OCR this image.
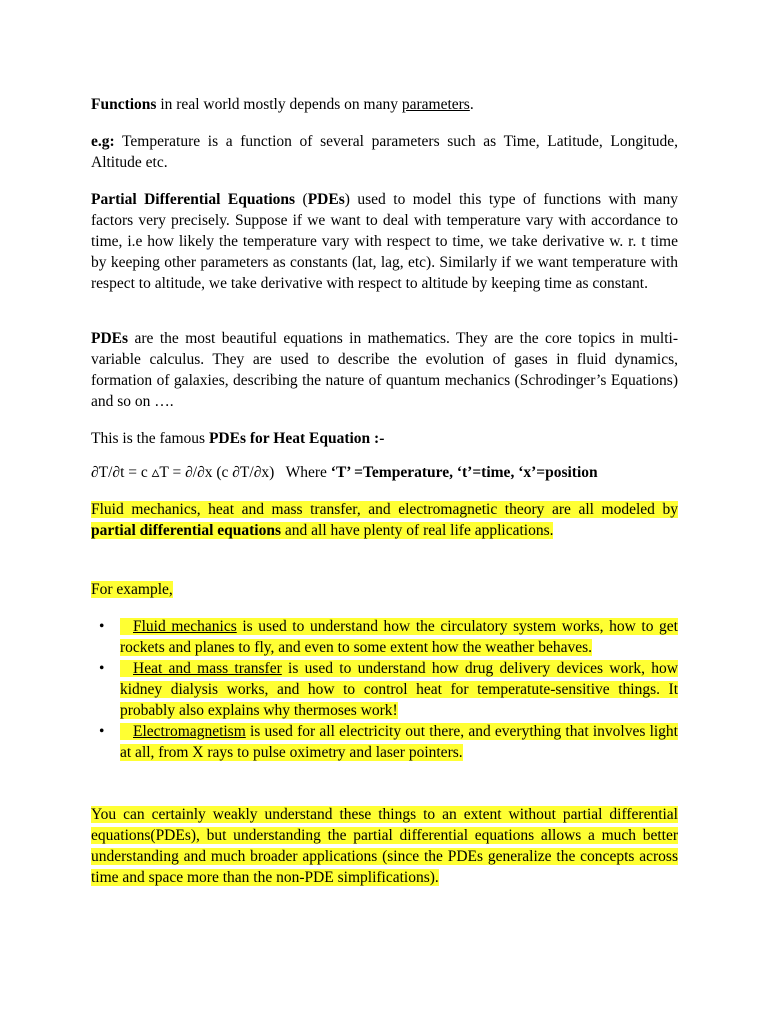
Functions in real world mostly depends on many parameters.

e.g: Temperature is a function of several parameters such as Time, Latitude, Longitude, Altitude etc.

Partial Differential Equations (PDEs) used to model this type of functions with many factors very precisely. Suppose if we want to deal with temperature vary with accordance to time, i.e how likely the temperature vary with respect to time, we take derivative w. r. t time by keeping other parameters as constants (lat, lag, etc). Similarly if we want temperature with respect to altitude, we take derivative with respect to altitude by keeping time as constant.

PDEs are the most beautiful equations in mathematics. They are the core topics in multi-variable calculus. They are used to describe the evolution of gases in fluid dynamics, formation of galaxies, describing the nature of quantum mechanics (Schrodinger’s Equations) and so on ….

This is the famous PDEs for Heat Equation :-

∂T/∂t = c ▵T = ∂/∂x (c ∂T/∂x)   Where ‘T’ =Temperature, ‘t’=time, ‘x’=position

Fluid mechanics, heat and mass transfer, and electromagnetic theory are all modeled by partial differential equations and all have plenty of real life applications.

For example,

•	Fluid mechanics is used to understand how the circulatory system works, how to get rockets and planes to fly, and even to some extent how the weather behaves.
•	Heat and mass transfer is used to understand how drug delivery devices work, how kidney dialysis works, and how to control heat for temperatute-sensitive things. It probably also explains why thermoses work!
•	Electromagnetism is used for all electricity out there, and everything that involves light at all, from X rays to pulse oximetry and laser pointers.

You can certainly weakly understand these things to an extent without partial differential equations(PDEs), but understanding the partial differential equations allows a much better understanding and much broader applications (since the PDEs generalize the concepts across time and space more than the non-PDE simplifications).
